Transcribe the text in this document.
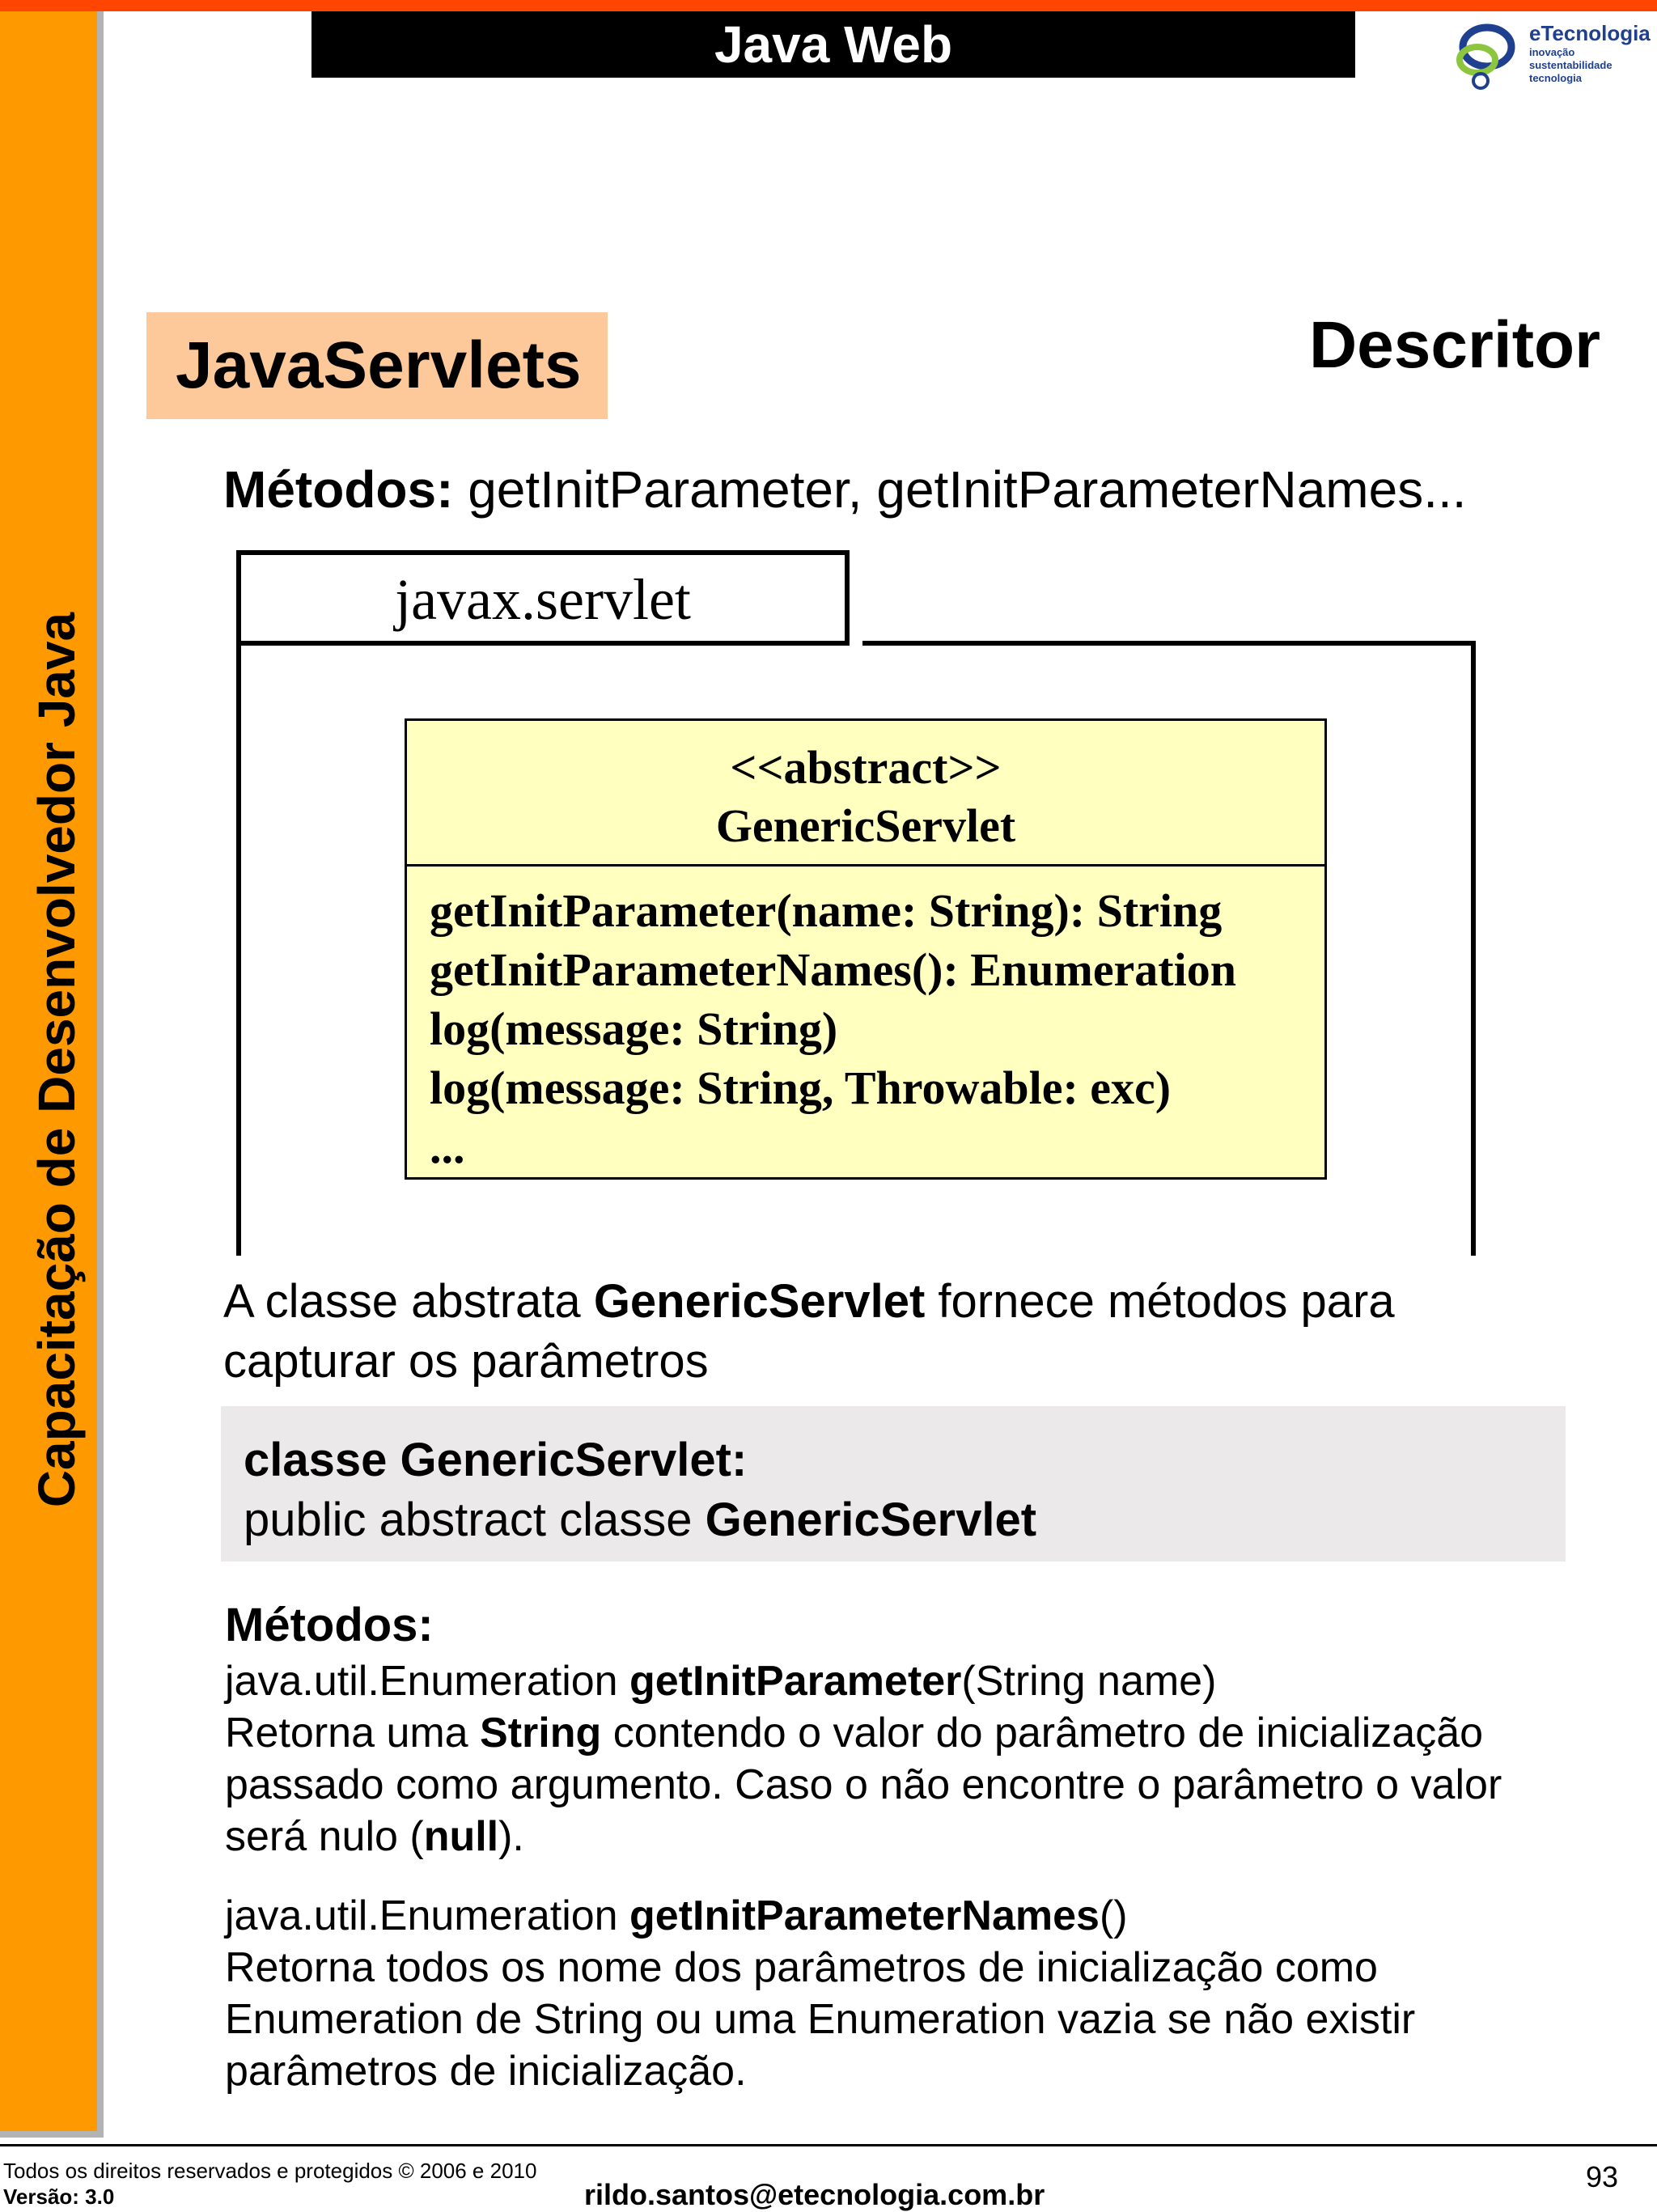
Capacitação de Desenvolvedor Java
Java Web	eTecnologia
inovação
sustentabilidade
tecnologia
JavaServlets	Descritor
Métodos: getInitParameter, getInitParameterNames...
javax.servlet
<<abstract>>
GenericServlet
getInitParameter(name: String): String
getInitParameterNames(): Enumeration
log(message: String)
log(message: String, Throwable: exc)
...
A classe abstrata GenericServlet fornece métodos para capturar os parâmetros
classe GenericServlet:
public abstract classe GenericServlet
Métodos:
java.util.Enumeration getInitParameter(String name)
Retorna uma String contendo o valor do parâmetro de inicialização passado como argumento. Caso o não encontre o parâmetro o valor será nulo (null).
java.util.Enumeration getInitParameterNames()
Retorna todos os nome dos parâmetros de inicialização como Enumeration de String ou uma Enumeration vazia se não existir parâmetros de inicialização.
Todos os direitos reservados e protegidos © 2006 e 2010
Versão: 3.0	rildo.santos@etecnologia.com.br
93
